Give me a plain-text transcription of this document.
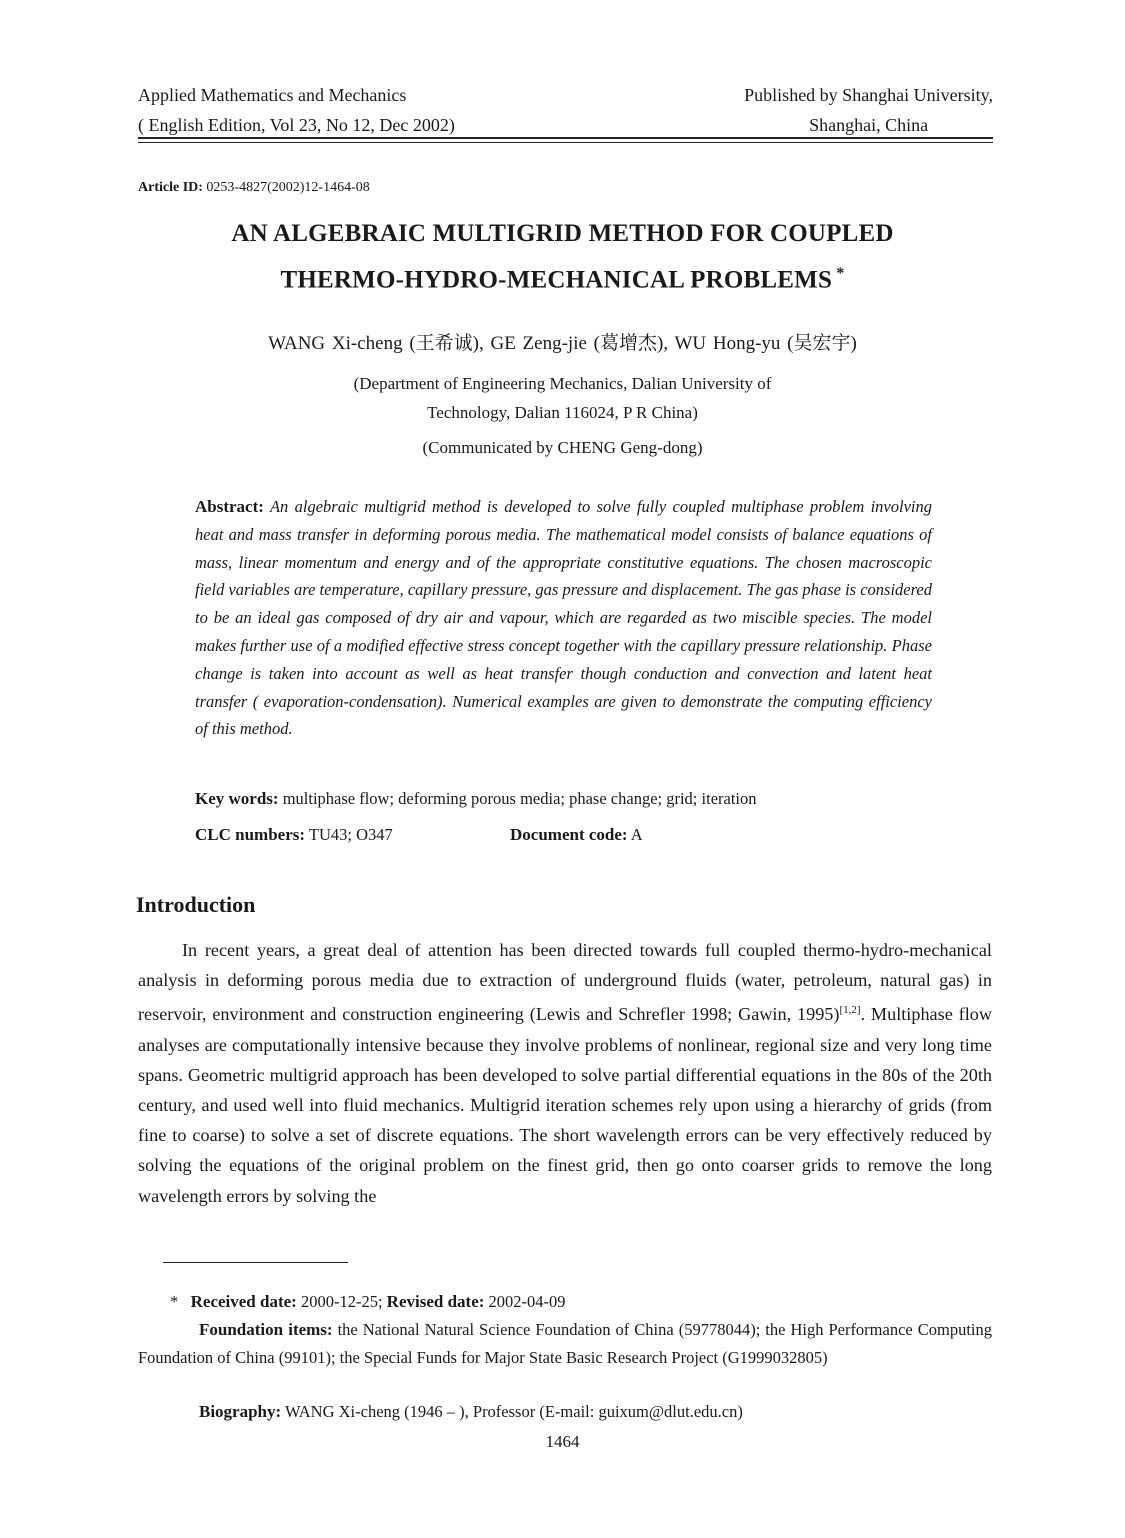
Applied Mathematics and Mechanics
( English Edition, Vol 23, No 12, Dec 2002)
Published by Shanghai University,
Shanghai, China
Article ID: 0253-4827(2002)12-1464-08
AN ALGEBRAIC MULTIGRID METHOD FOR COUPLED
THERMO-HYDRO-MECHANICAL PROBLEMS *
WANG Xi-cheng (王希诚), GE Zeng-jie (葛增杰), WU Hong-yu (吴宏宇)
(Department of Engineering Mechanics, Dalian University of
Technology, Dalian 116024, P R China)
(Communicated by CHENG Geng-dong)
Abstract: An algebraic multigrid method is developed to solve fully coupled multiphase problem involving heat and mass transfer in deforming porous media. The mathematical model consists of balance equations of mass, linear momentum and energy and of the appropriate constitutive equations. The chosen macroscopic field variables are temperature, capillary pressure, gas pressure and displacement. The gas phase is considered to be an ideal gas composed of dry air and vapour, which are regarded as two miscible species. The model makes further use of a modified effective stress concept together with the capillary pressure relationship. Phase change is taken into account as well as heat transfer though conduction and convection and latent heat transfer ( evaporation-condensation). Numerical examples are given to demonstrate the computing efficiency of this method.
Key words: multiphase flow; deforming porous media; phase change; grid; iteration
CLC numbers: TU43; O347	Document code: A
Introduction
In recent years, a great deal of attention has been directed towards full coupled thermo-hydro-mechanical analysis in deforming porous media due to extraction of underground fluids (water, petroleum, natural gas) in reservoir, environment and construction engineering (Lewis and Schrefler 1998; Gawin, 1995)[1,2]. Multiphase flow analyses are computationally intensive because they involve problems of nonlinear, regional size and very long time spans. Geometric multigrid approach has been developed to solve partial differential equations in the 80s of the 20th century, and used well into fluid mechanics. Multigrid iteration schemes rely upon using a hierarchy of grids (from fine to coarse) to solve a set of discrete equations. The short wavelength errors can be very effectively reduced by solving the equations of the original problem on the finest grid, then go onto coarser grids to remove the long wavelength errors by solving the
* Received date: 2000-12-25; Revised date: 2002-04-09
Foundation items: the National Natural Science Foundation of China (59778044); the High Performance Computing Foundation of China (99101); the Special Funds for Major State Basic Research Project (G1999032805)
Biography: WANG Xi-cheng (1946 – ), Professor (E-mail: guixum@dlut.edu.cn)
1464
